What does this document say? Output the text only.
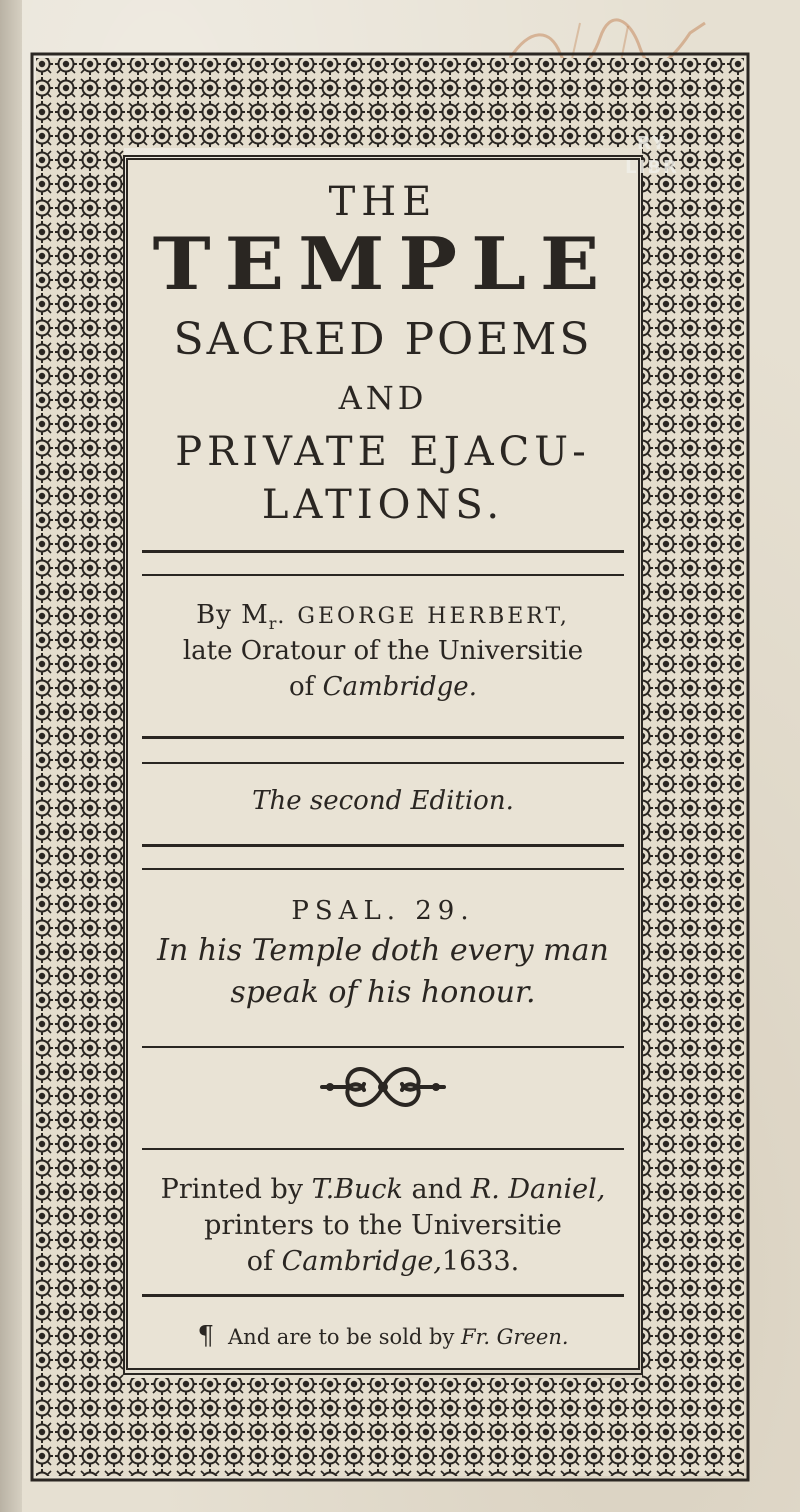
THE
TEMPLE
SACRED POEMS
AND
PRIVATE EJACU-
LATIONS.
By $M_r$. GEORGE HERBERT,
late Oratour of the Universitie
of Cambridge.
The second Edition.
PSAL. 29.
In his Temple doth every man
speak of his honour.
Printed by T.Buck and R. Daniel,
printers to the Universitie
of Cambridge,1633.
¶ And are to be sold by Fr. Green.
RY
LIBR
